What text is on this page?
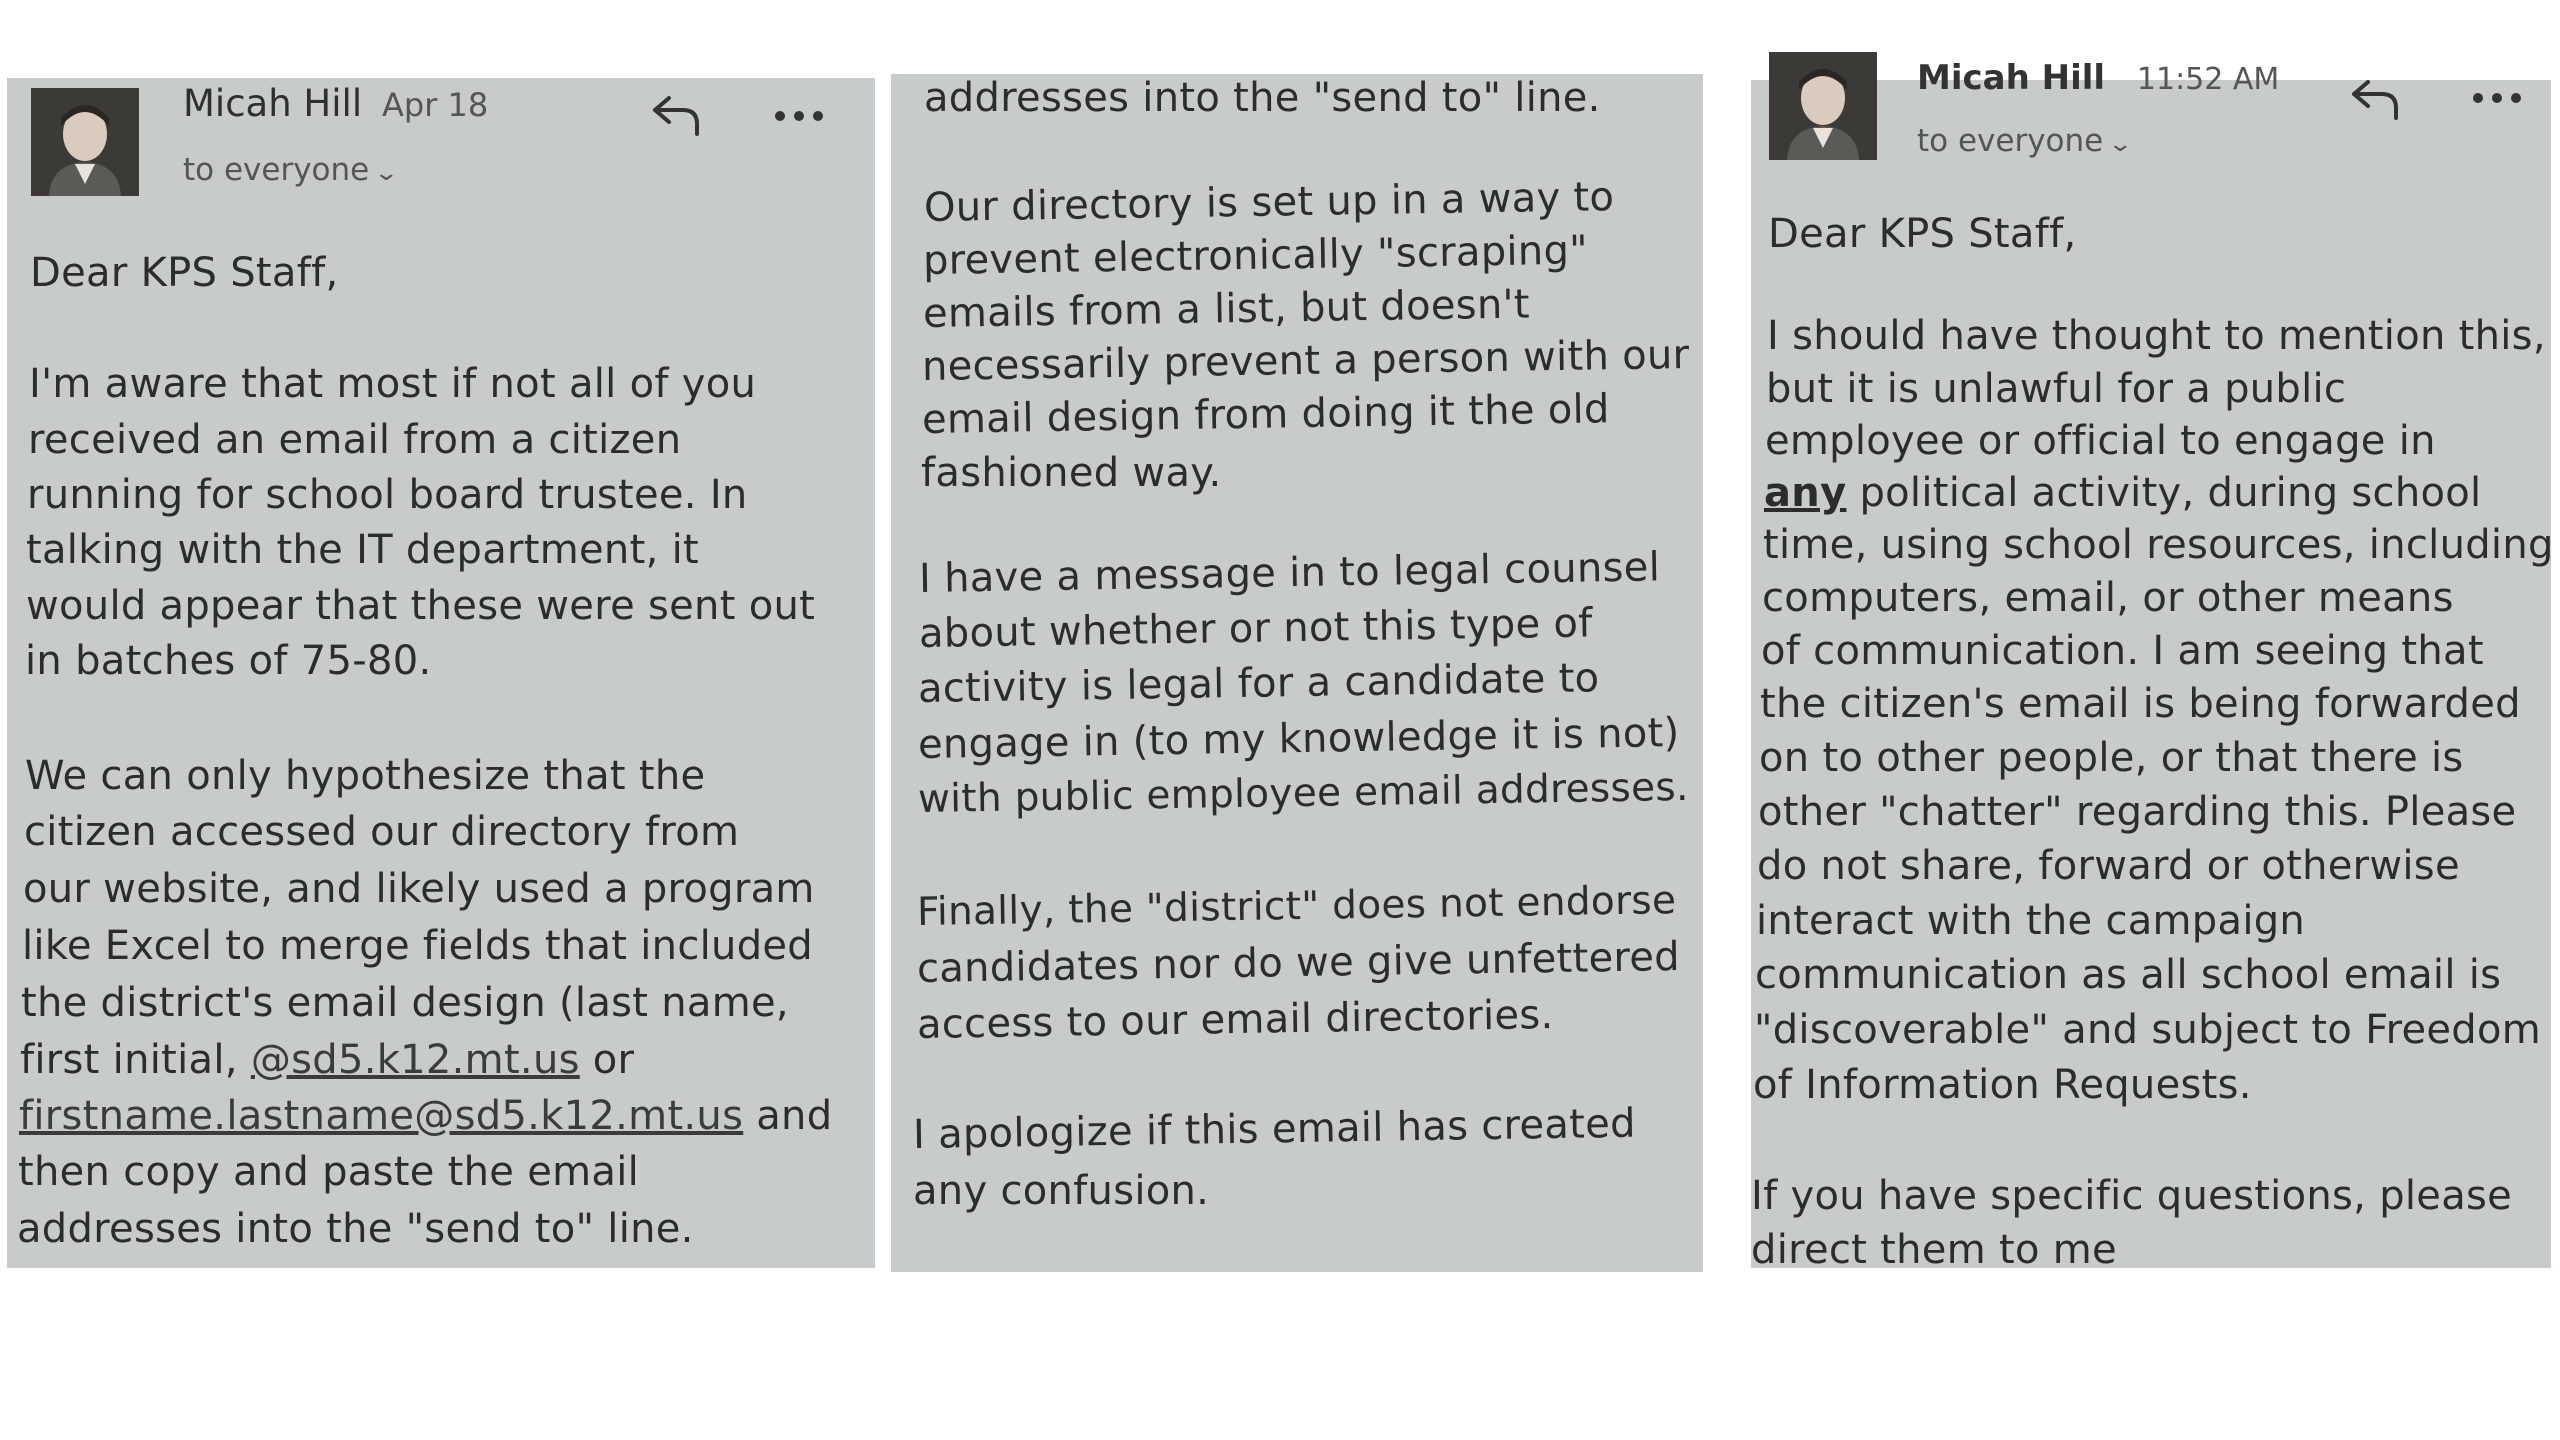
Micah Hill Apr 18
to everyone ⌄
Dear KPS Staff,
I'm aware that most if not all of you
received an email from a citizen
running for school board trustee. In
talking with the IT department, it
would appear that these were sent out
in batches of 75-80.
We can only hypothesize that the
citizen accessed our directory from
our website, and likely used a program
like Excel to merge fields that included
the district's email design (last name,
first initial, @sd5.k12.mt.us or
firstname.lastname@sd5.k12.mt.us and
then copy and paste the email
addresses into the "send to" line.
addresses into the "send to" line.
Our directory is set up in a way to
prevent electronically "scraping"
emails from a list, but doesn't
necessarily prevent a person with our
email design from doing it the old
fashioned way.
I have a message in to legal counsel
about whether or not this type of
activity is legal for a candidate to
engage in (to my knowledge it is not)
with public employee email addresses.
Finally, the "district" does not endorse
candidates nor do we give unfettered
access to our email directories.
I apologize if this email has created
any confusion.
Micah Hill 11:52 AM
to everyone ⌄
Dear KPS Staff,
I should have thought to mention this,
but it is unlawful for a public
employee or official to engage in
any political activity, during school
time, using school resources, including
computers, email, or other means
of communication. I am seeing that
the citizen's email is being forwarded
on to other people, or that there is
other "chatter" regarding this. Please
do not share, forward or otherwise
interact with the campaign
communication as all school email is
"discoverable" and subject to Freedom
of Information Requests.
If you have specific questions, please
direct them to me
